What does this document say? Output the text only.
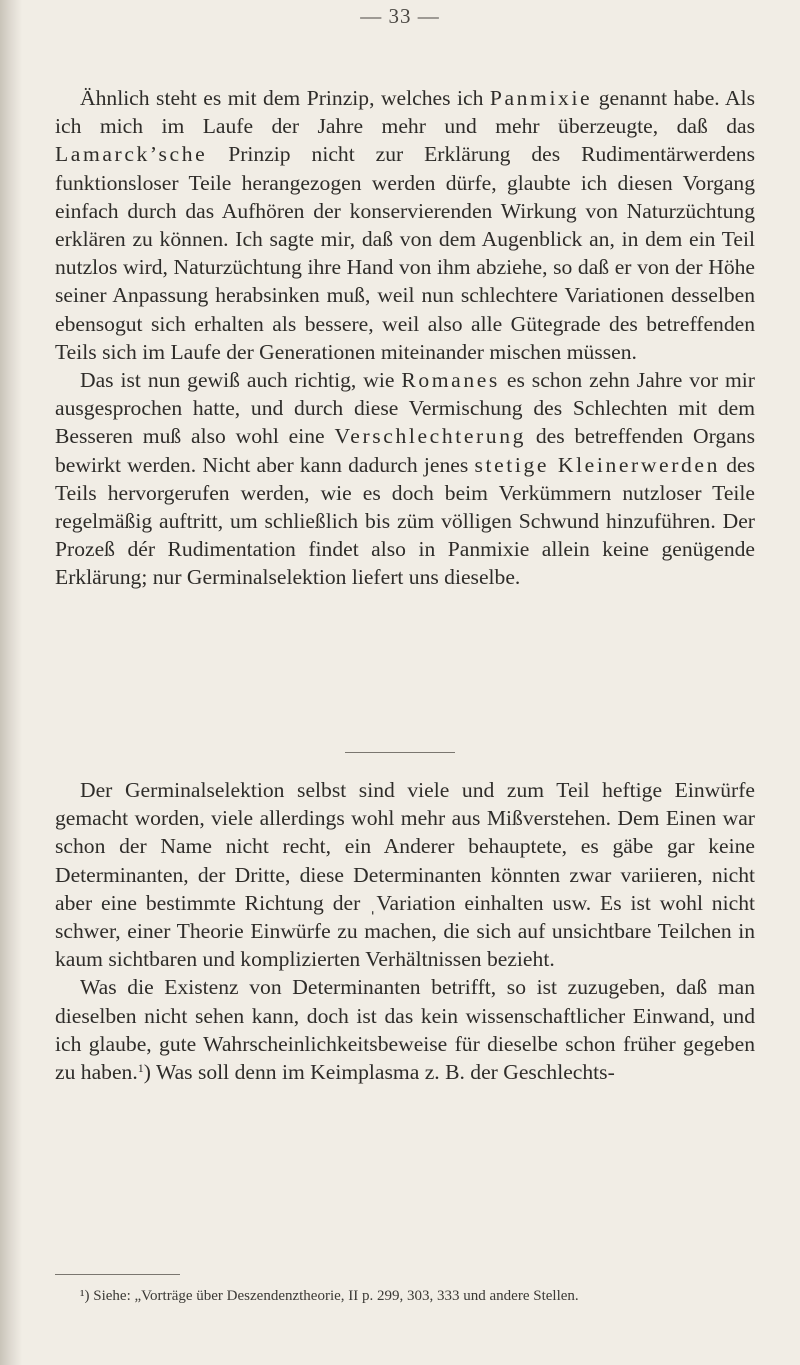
— 33 —

Ähnlich steht es mit dem Prinzip, welches ich Panmixie genannt habe. Als ich mich im Laufe der Jahre mehr und mehr überzeugte, daß das Lamarck’sche Prinzip nicht zur Erklärung des Rudimentärwerdens funktionsloser Teile herangezogen werden dürfe, glaubte ich diesen Vorgang einfach durch das Aufhören der konservierenden Wirkung von Naturzüchtung erklären zu können. Ich sagte mir, daß von dem Augenblick an, in dem ein Teil nutzlos wird, Naturzüchtung ihre Hand von ihm abziehe, so daß er von der Höhe seiner Anpassung herabsinken muß, weil nun schlechtere Variationen desselben ebensogut sich erhalten als bessere, weil also alle Gütegrade des betreffenden Teils sich im Laufe der Generationen miteinander mischen müssen.

Das ist nun gewiß auch richtig, wie Romanes es schon zehn Jahre vor mir ausgesprochen hatte, und durch diese Vermischung des Schlechten mit dem Besseren muß also wohl eine Verschlechterung des betreffenden Organs bewirkt werden. Nicht aber kann dadurch jenes stetige Kleinerwerden des Teils hervorgerufen werden, wie es doch beim Verkümmern nutzloser Teile regelmäßig auftritt, um schließlich bis züm völligen Schwund hinzuführen. Der Prozeß dér Rudimentation findet also in Panmixie allein keine genügende Erklärung; nur Germinalselektion liefert uns dieselbe.

Der Germinalselektion selbst sind viele und zum Teil heftige Einwürfe gemacht worden, viele allerdings wohl mehr aus Mißverstehen. Dem Einen war schon der Name nicht recht, ein Anderer behauptete, es gäbe gar keine Determinanten, der Dritte, diese Determinanten könnten zwar variieren, nicht aber eine bestimmte Richtung der ˌVariation einhalten usw. Es ist wohl nicht schwer, einer Theorie Einwürfe zu machen, die sich auf unsichtbare Teilchen in kaum sichtbaren und komplizierten Verhältnissen bezieht.

Was die Existenz von Determinanten betrifft, so ist zuzugeben, daß man dieselben nicht sehen kann, doch ist das kein wissenschaftlicher Einwand, und ich glaube, gute Wahrscheinlichkeitsbeweise für dieselbe schon früher gegeben zu haben.$^1$) Was soll denn im Keimplasma z. B. der Geschlechts-

¹) Siehe: „Vorträge über Deszendenztheorie, II p. 299, 303, 333 und andere Stellen.
